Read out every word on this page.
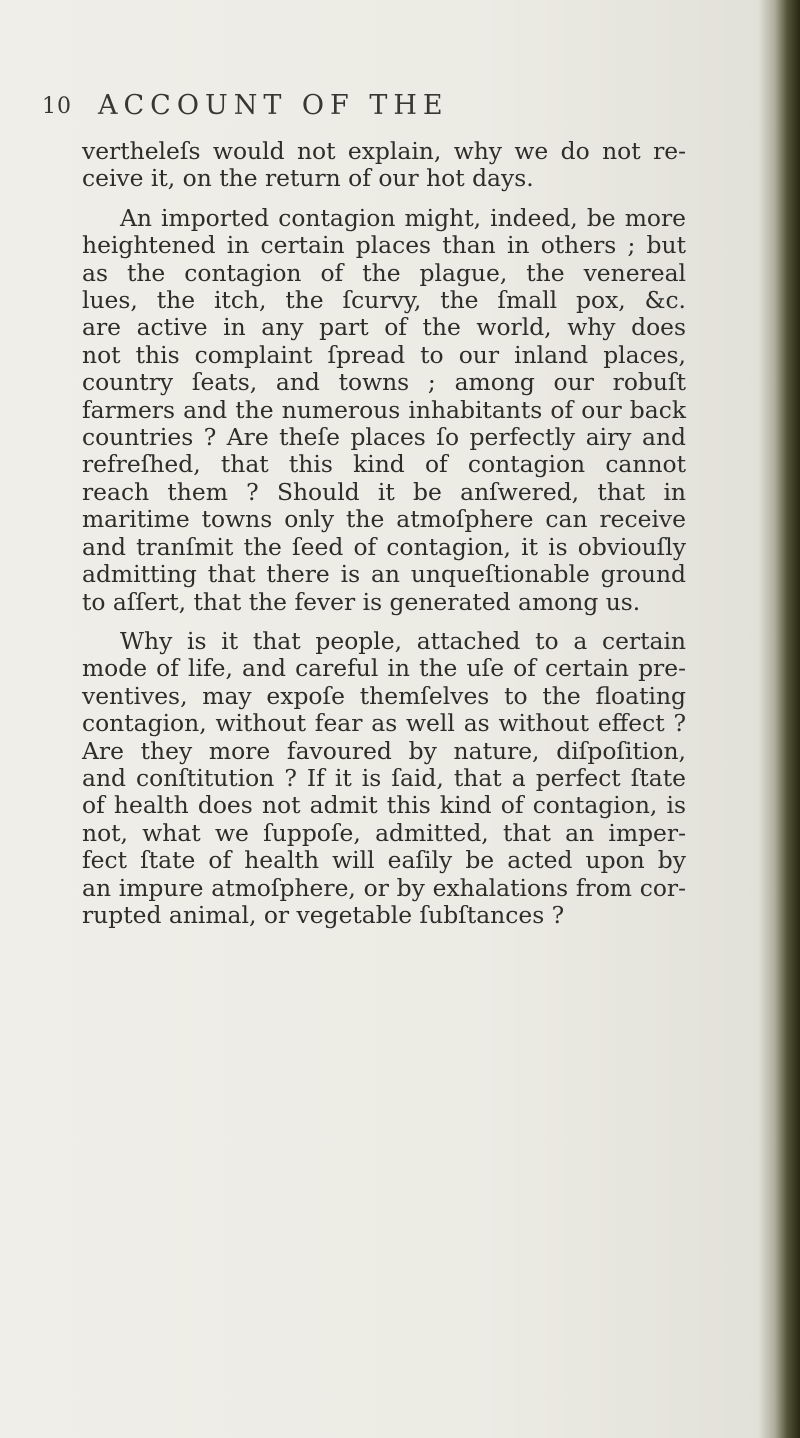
10 ACCOUNT OF THE
vertheleſs would not explain, why we do not re-
ceive it, on the return of our hot days.
An imported contagion might, indeed, be more
heightened in certain places than in others ; but
as the contagion of the plague, the venereal
lues, the itch, the ſcurvy, the ſmall pox, &c.
are active in any part of the world, why does
not this complaint ſpread to our inland places,
country ſeats, and towns ; among our robuſt
farmers and the numerous inhabitants of our back
countries ? Are theſe places ſo perfectly airy and
refreſhed, that this kind of contagion cannot
reach them ? Should it be anſwered, that in
maritime towns only the atmoſphere can receive
and tranſmit the ſeed of contagion, it is obviouſly
admitting that there is an unqueſtionable ground
to aſſert, that the fever is generated among us.
Why is it that people, attached to a certain
mode of life, and careful in the uſe of certain pre-
ventives, may expoſe themſelves to the floating
contagion, without fear as well as without effect ?
Are they more favoured by nature, diſpoſition,
and conſtitution ? If it is ſaid, that a perfect ſtate
of health does not admit this kind of contagion, is
not, what we ſuppoſe, admitted, that an imper-
fect ſtate of health will eaſily be acted upon by
an impure atmoſphere, or by exhalations from cor-
rupted animal, or vegetable ſubſtances ?
